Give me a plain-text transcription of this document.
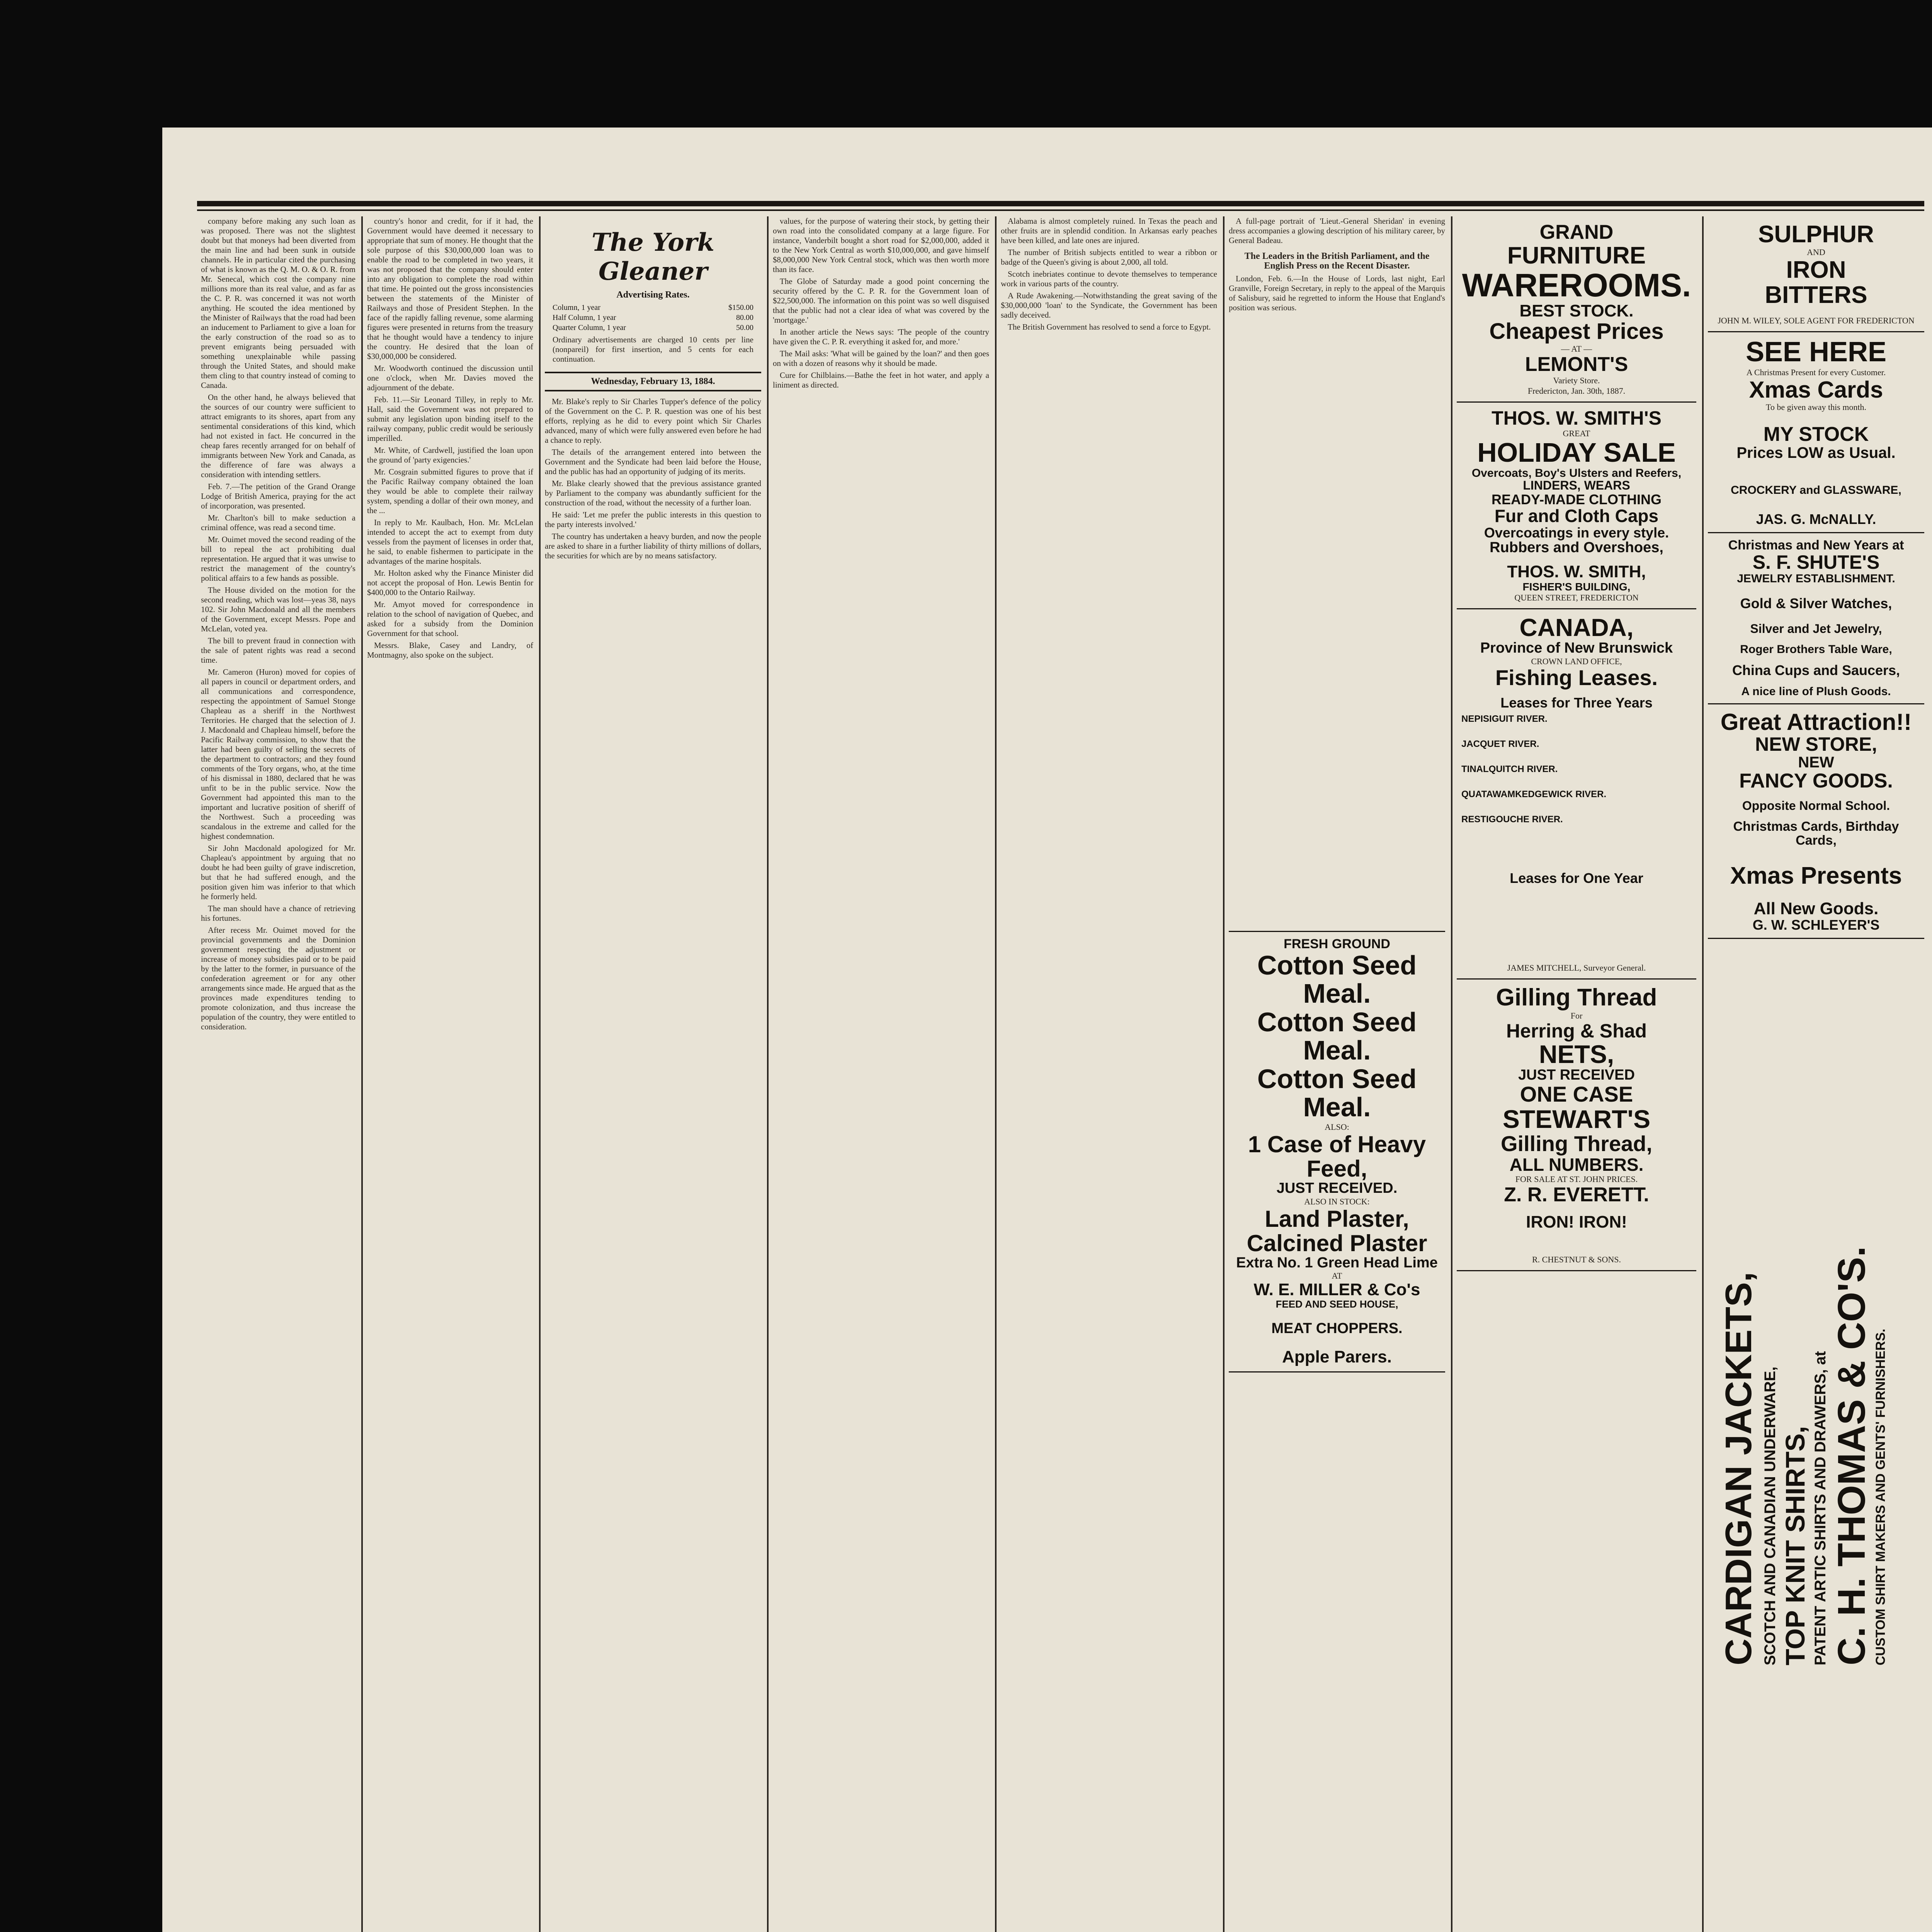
company before making any such loan as was proposed. There was not the slightest doubt but that moneys had been diverted from the main line and had been sunk in outside channels. He in particular cited the purchasing of what is known as the Q. M. O. & O. R. from Mr. Senecal, which cost the company nine millions more than its real value, and as far as the C. P. R. was concerned it was not worth anything. He scouted the idea mentioned by the Minister of Railways that the road had been an inducement to Parliament to give a loan for the early construction of the road so as to prevent emigrants being persuaded with something unexplainable while passing through the United States, and should make them cling to that country instead of coming to Canada.

On the other hand, he always believed that the sources of our country were sufficient to attract emigrants to its shores, apart from any sentimental considerations of this kind, which had not existed in fact. He concurred in the cheap fares recently arranged for on behalf of immigrants between New York and Canada, as the difference of fare was always a consideration with intending settlers.

Feb. 7.—The petition of the Grand Orange Lodge of British America, praying for the act of incorporation, was presented.

Mr. Charlton's bill to make seduction a criminal offence, was read a second time.

Mr. Ouimet moved the second reading of the bill to repeal the act prohibiting dual representation. He argued that it was unwise to restrict the management of the country's political affairs to a few hands as possible.

The House divided on the motion for the second reading, which was lost—yeas 38, nays 102. Sir John Macdonald and all the members of the Government, except Messrs. Pope and McLelan, voted yea.

The bill to prevent fraud in connection with the sale of patent rights was read a second time.

Mr. Cameron (Huron) moved for copies of all papers in council or department orders, and all communications and correspondence, respecting the appointment of Samuel Stonge Chapleau as a sheriff in the Northwest Territories. He charged that the selection of J. J. Macdonald and Chapleau himself, before the Pacific Railway commission, to show that the latter had been guilty of selling the secrets of the department to contractors; and they found comments of the Tory organs, who, at the time of his dismissal in 1880, declared that he was unfit to be in the public service. Now the Government had appointed this man to the important and lucrative position of sheriff of the Northwest. Such a proceeding was scandalous in the extreme and called for the highest condemnation.

Sir John Macdonald apologized for Mr. Chapleau's appointment by arguing that no doubt he had been guilty of grave indiscretion, but that he had suffered enough, and the position given him was inferior to that which he formerly held.

The man should have a chance of retrieving his fortunes.

After recess Mr. Ouimet moved for the provincial governments and the Dominion government respecting the adjustment or increase of money subsidies paid or to be paid by the latter to the former, in pursuance of the confederation agreement or for any other arrangements since made. He argued that as the provinces made expenditures tending to promote colonization, and thus increase the population of the country, they were entitled to consideration.

country's honor and credit, for if it had, the Government would have deemed it necessary to appropriate that sum of money. He thought that the sole purpose of this $30,000,000 loan was to enable the road to be completed in two years, it was not proposed that the company should enter into any obligation to complete the road within that time. He pointed out the gross inconsistencies between the statements of the Minister of Railways and those of President Stephen. In the face of the rapidly falling revenue, some alarming figures were presented in returns from the treasury that he thought would have a tendency to injure the country. He desired that the loan of $30,000,000 be considered.

Mr. Woodworth continued the discussion until one o'clock, when Mr. Davies moved the adjournment of the debate.

Feb. 11.—Sir Leonard Tilley, in reply to Mr. Hall, said the Government was not prepared to submit any legislation upon binding itself to the railway company, public credit would be seriously imperilled.

Mr. White, of Cardwell, justified the loan upon the ground of 'party exigencies.'

Mr. Cosgrain submitted figures to prove that if the Pacific Railway company obtained the loan they would be able to complete their railway system, spending a dollar of their own money, and the ...

In reply to Mr. Kaulbach, Hon. Mr. McLelan intended to accept the act to exempt from duty vessels from the payment of licenses in order that, he said, to enable fishermen to participate in the advantages of the marine hospitals.

Mr. Holton asked why the Finance Minister did not accept the proposal of Hon. Lewis Bentin for $400,000 to the Ontario Railway.

Mr. Amyot moved for correspondence in relation to the school of navigation of Quebec, and asked for a subsidy from the Dominion Government for that school.

Messrs. Blake, Casey and Landry, of Montmagny, also spoke on the subject.

The York Gleaner
Advertising Rates.
Column, 1 year	$150.00
Half Column, 1 year	80.00
Quarter Column, 1 year	50.00
Ordinary advertisements are charged 10 cents per line (nonpareil) for first insertion, and 5 cents for each continuation.
Wednesday, February 13, 1884.

Mr. Blake's reply to Sir Charles Tupper's defence of the policy of the Government on the C. P. R. question was one of his best efforts, replying as he did to every point which Sir Charles advanced, many of which were fully answered even before he had a chance to reply.

The details of the arrangement entered into between the Government and the Syndicate had been laid before the House, and the public has had an opportunity of judging of its merits.

Mr. Blake clearly showed that the previous assistance granted by Parliament to the company was abundantly sufficient for the construction of the road, without the necessity of a further loan.

He said: 'Let me prefer the public interests in this question to the party interests involved.'

The country has undertaken a heavy burden, and now the people are asked to share in a further liability of thirty millions of dollars, the securities for which are by no means satisfactory.

values, for the purpose of watering their stock, by getting their own road into the consolidated company at a large figure. For instance, Vanderbilt bought a short road for $2,000,000, added it to the New York Central as worth $10,000,000, and gave himself $8,000,000 New York Central stock, which was then worth more than its face.

The Globe of Saturday made a good point concerning the security offered by the C. P. R. for the Government loan of $22,500,000. The information on this point was so well disguised that the public had not a clear idea of what was covered by the 'mortgage.'

In another article the News says: 'The people of the country have given the C. P. R. everything it asked for, and more.'

The Mail asks: 'What will be gained by the loan?' and then goes on with a dozen of reasons why it should be made.

Cure for Chilblains.—Bathe the feet in hot water, and apply a liniment as directed.

Alabama is almost completely ruined. In Texas the peach and other fruits are in splendid condition. In Arkansas early peaches have been killed, and late ones are injured.

The number of British subjects entitled to wear a ribbon or badge of the Queen's giving is about 2,000, all told.

Scotch inebriates continue to devote themselves to temperance work in various parts of the country.

A Rude Awakening.—Notwithstanding the great saving of the $30,000,000 'loan' to the Syndicate, the Government has been sadly deceived.

The British Government has resolved to send a force to Egypt.

A full-page portrait of 'Lieut.-General Sheridan' in evening dress accompanies a glowing description of his military career, by General Badeau.

The Leaders in the British Parliament, and the English Press on the Recent Disaster.

London, Feb. 6.—In the House of Lords, last night, Earl Granville, Foreign Secretary, in reply to the appeal of the Marquis of Salisbury, said he regretted to inform the House that England's position was serious.

FRESH GROUND
Cotton Seed Meal.
Cotton Seed Meal.
Cotton Seed Meal.
ALSO:
1 Case of Heavy Feed,
JUST RECEIVED.
ALSO IN STOCK:
Land Plaster,
Calcined Plaster
Extra No. 1 Green Head Lime
AT
W. E. MILLER & Co's
FEED AND SEED HOUSE,
MEAT CHOPPERS.
Apple Parers.
GRAND
FURNITURE
WAREROOMS.
BEST STOCK.
Cheapest Prices
— AT —
LEMONT'S
Variety Store.
Fredericton, Jan. 30th, 1887.
THOS. W. SMITH'S
GREAT
HOLIDAY SALE
Overcoats, Boy's Ulsters and Reefers,
LINDERS, WEARS
READY-MADE CLOTHING
Fur and Cloth Caps
Overcoatings in every style.
Rubbers and Overshoes,
THOS. W. SMITH,
FISHER'S BUILDING,
QUEEN STREET, FREDERICTON
CANADA,
Province of New Brunswick
CROWN LAND OFFICE,
Fishing Leases.
Leases for Three Years
NEPISIGUIT RIVER.
JACQUET RIVER.
TINALQUITCH RIVER.
QUATAWAMKEDGEWICK RIVER.
RESTIGOUCHE RIVER.
Leases for One Year
JAMES MITCHELL, Surveyor General.
Gilling Thread
For
Herring & Shad
NETS,
JUST RECEIVED
ONE CASE
STEWART'S
Gilling Thread,
ALL NUMBERS.
FOR SALE AT ST. JOHN PRICES.
Z. R. EVERETT.
IRON! IRON!
R. CHESTNUT & SONS.
SULPHUR
AND
IRON
BITTERS
JOHN M. WILEY, SOLE AGENT FOR FREDERICTON
SEE HERE
A Christmas Present for every Customer.
Xmas Cards
To be given away this month.
MY STOCK
Prices LOW as Usual.
CROCKERY and GLASSWARE,
JAS. G. McNALLY.
Christmas and New Years at
S. F. SHUTE'S
JEWELRY ESTABLISHMENT.
Gold & Silver Watches,
Silver and Jet Jewelry,
Roger Brothers Table Ware,
China Cups and Saucers,
A nice line of Plush Goods.
Great Attraction!!
NEW STORE,
NEW
FANCY GOODS.
Opposite Normal School.
Christmas Cards, Birthday Cards,
Xmas Presents
All New Goods.
G. W. SCHLEYER'S
CARDIGAN JACKETS, SCOTCH AND CANADIAN UNDERWARE, TOP KNIT SHIRTS, PATENT ARTIC SHIRTS AND DRAWERS, at C. H. THOMAS & CO'S. CUSTOM SHIRT MAKERS AND GENTS' FURNISHERS.
